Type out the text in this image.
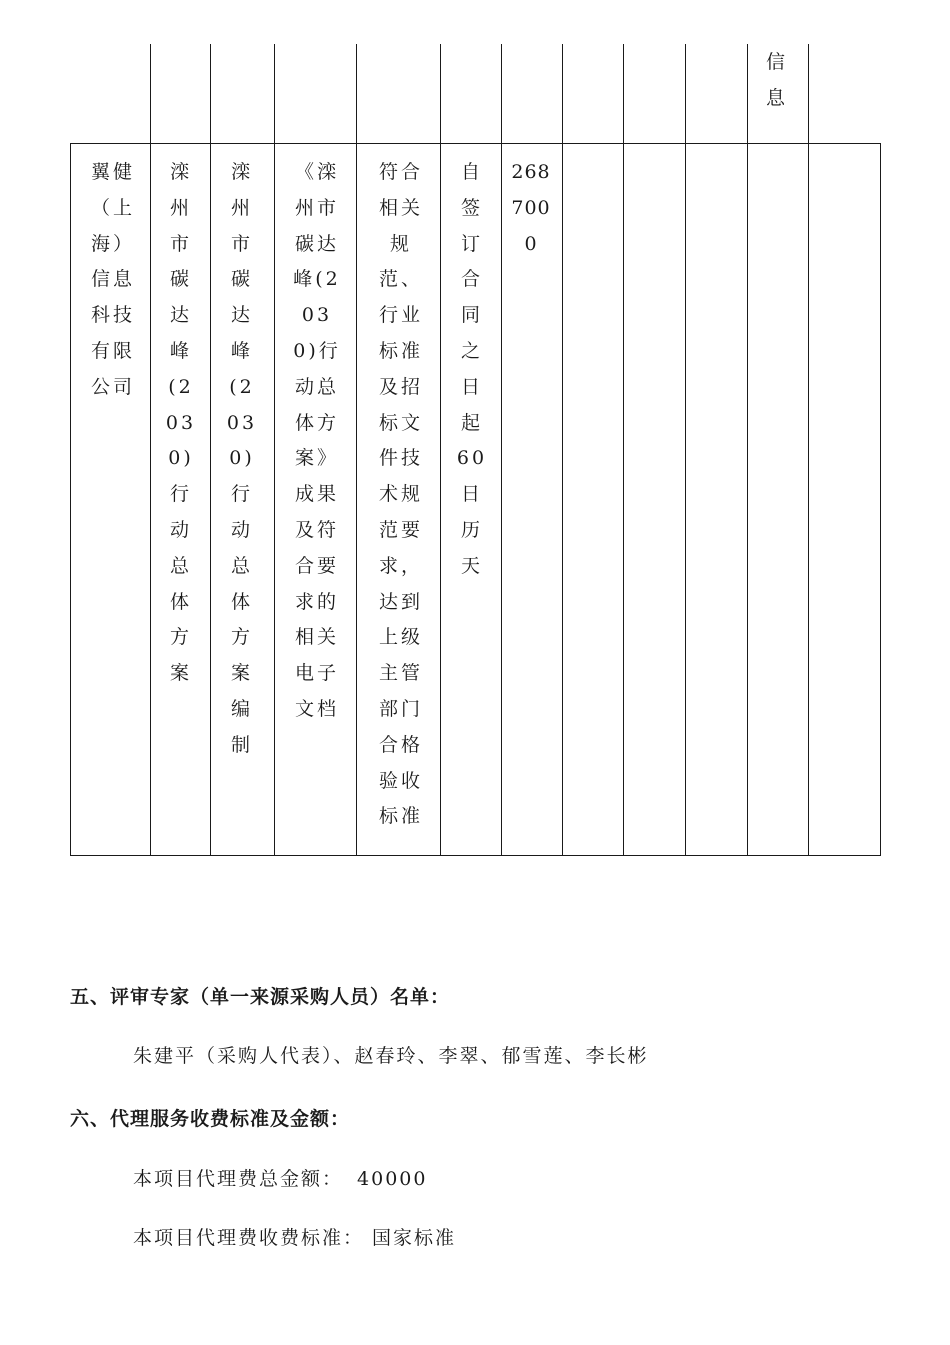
信息
翼健（上海）信息科技有限公司
滦州市碳达峰(2030)行动总体方案
滦州市碳达峰(2030)行动总体方案编制
《滦州市碳达峰(2030)行动总体方案》成果及符合要求的相关电子文档
符合相关规范、行业标准及招标文件技术规范要求，达到上级主管部门合格验收标准
自签订合同之日起60日历天
2687000
五、评审专家（单一来源采购人员）名单：
朱建平（采购人代表）、赵春玲、李翠、郁雪莲、李长彬
六、代理服务收费标准及金额：
本项目代理费总金额： 40000
本项目代理费收费标准： 国家标准
